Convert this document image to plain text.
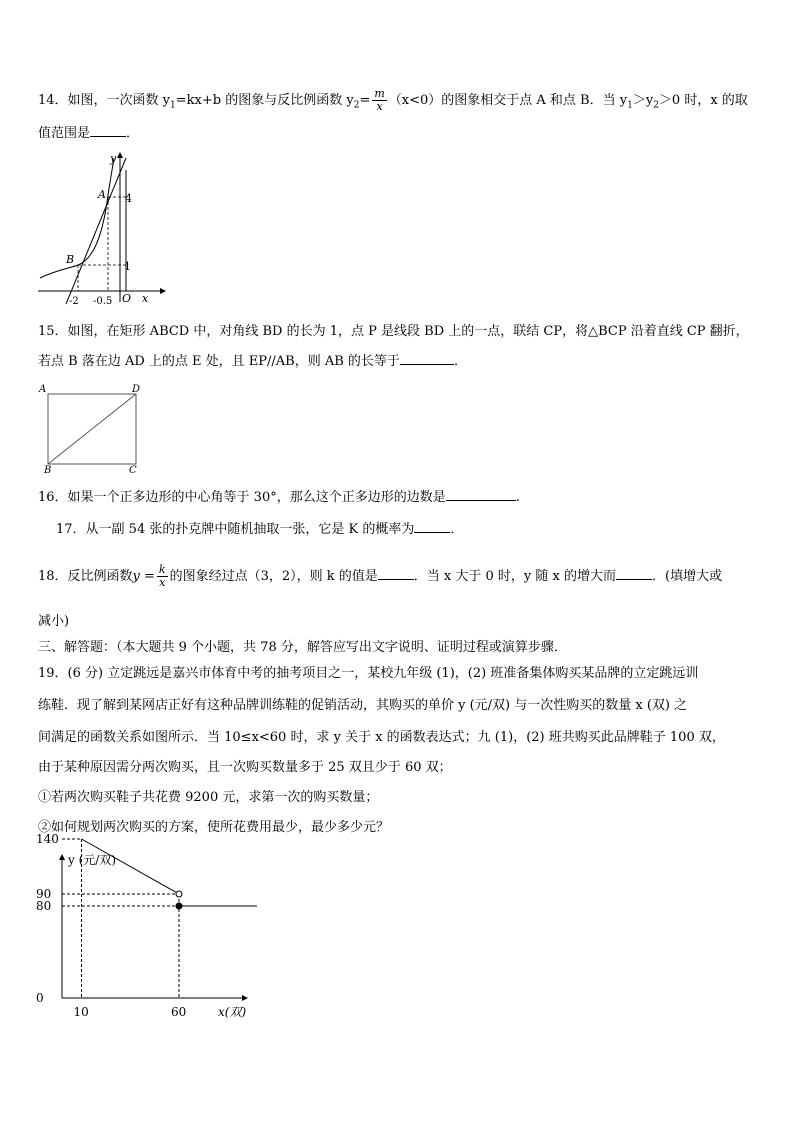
14．如图，一次函数 $y_1=kx+b$ 的图象与反比例函数 $y_2= \frac{m}{x} (x<0)$的图象相交于点 A 和点 B．当 $y_1>y_2>0$ 时，x 的取
值范围是	．
y
x
O
A
B
4
1
-2 -0.5
15．如图，在矩形 ABCD 中，对角线 BD 的长为 1，点 P 是线段 BD 上的一点，联结 CP，将△BCP 沿着直线 CP 翻折，
若点 B 落在边 AD 上的点 E 处，且 EP//AB，则 AB 的长等于	．
A	D
B	C
16．如果一个正多边形的中心角等于 30°，那么这个正多边形的边数是	.
17．从一副 54 张的扑克牌中随机抽取一张，它是 K 的概率为	．
18．反比例函数$y = \frac{k}{x}$ 的图象经过点（3，2），则 k 的值是	．当 x 大于 0 时，y 随 x 的增大而	．(填增大或
减小)
三、解答题：（本大题共 9 个小题，共 78 分，解答应写出文字说明、证明过程或演算步骤．
19．(6 分) 立定跳远是嘉兴市体育中考的抽考项目之一，某校九年级 (1)，(2) 班准备集体购买某品牌的立定跳远训
练鞋．现了解到某网店正好有这种品牌训练鞋的促销活动，其购买的单价 y (元/双) 与一次性购买的数量 x (双) 之
间满足的函数关系如图所示．当 10≤x<60 时，求 y 关于 x 的函数表达式；九 (1)，(2) 班共购买此品牌鞋子 100 双，
由于某种原因需分两次购买，且一次购买数量多于 25 双且少于 60 双；
①若两次购买鞋子共花费 9200 元，求第一次的购买数量；
②如何规划两次购买的方案，使所花费用最少，最少多少元？
y (元/双)
x(双)
0
80
90
140
10	60
